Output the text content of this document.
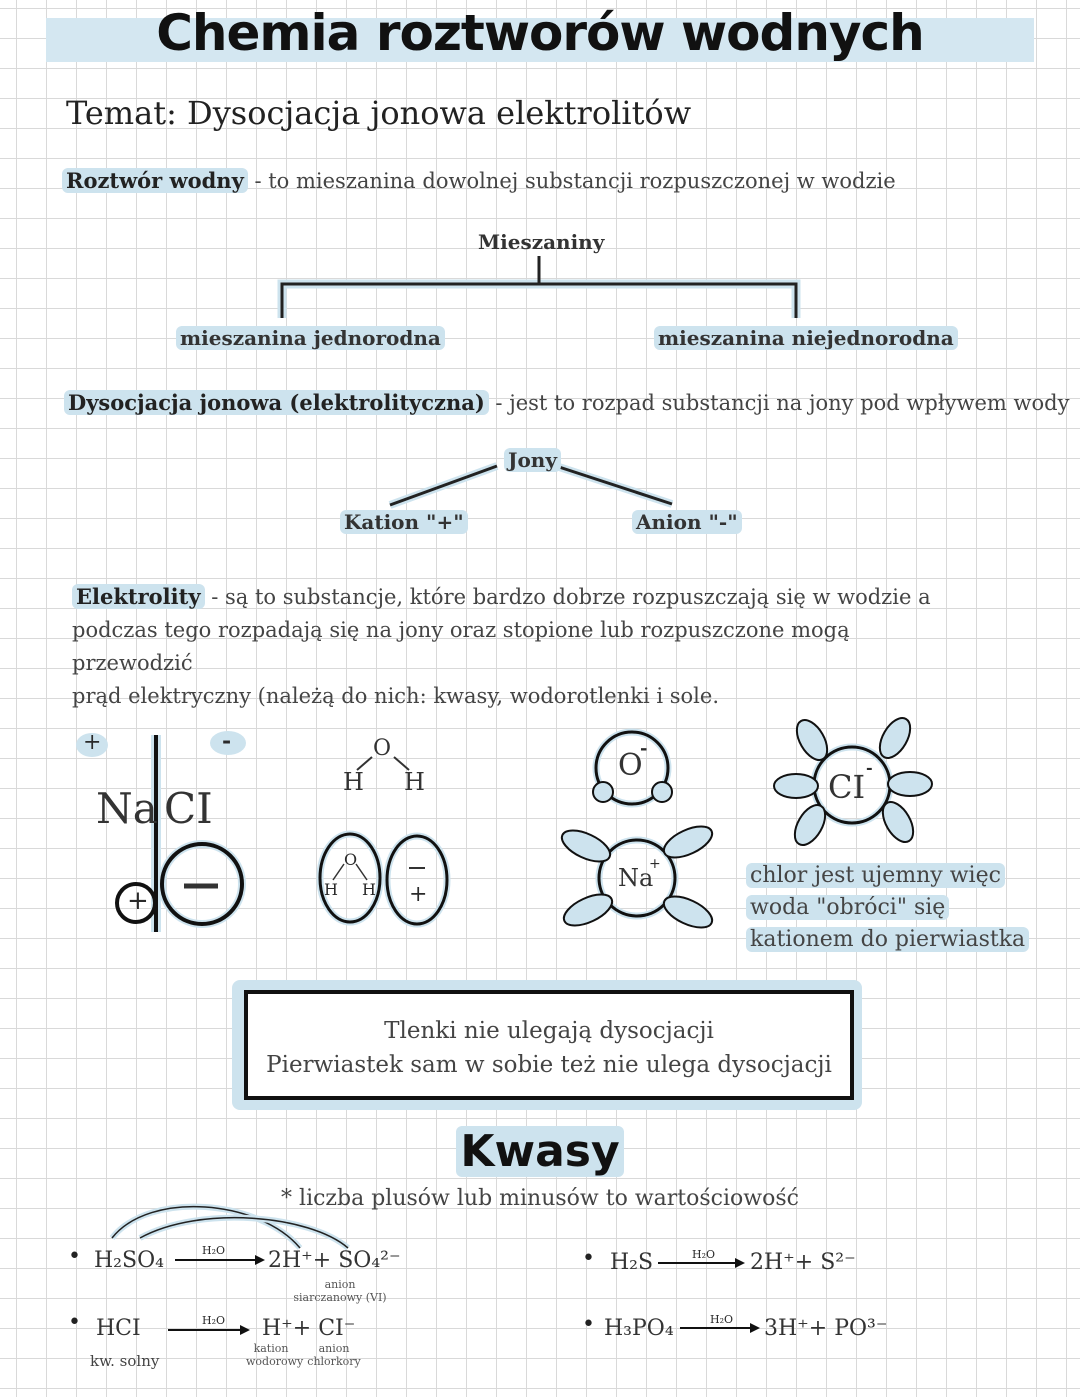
Chemia roztworów wodnych
Temat: Dysocjacja jonowa elektrolitów
Roztwór wodny - to mieszanina dowolnej substancji rozpuszczonej w wodzie
Mieszaniny
mieszanina jednorodna	mieszanina niejednorodna
Dysocjacja jonowa (elektrolityczna) - jest to rozpad substancji na jony pod wpływem wody
Jony
Kation "+"	Anion "-"
Elektrolity - są to substancje, które bardzo dobrze rozpuszczają się w wodzie a
podczas tego rozpadają się na jony oraz stopione lub rozpuszczone mogą przewodzić
prąd elektryczny (należą do nich: kwasy, wodorotlenki i sole.
+	-
Na CI
+
O
H H
O
H H +
O
-
Na
+
CI
-
chlor jest ujemny więc
woda "obróci" się
kationem do pierwiastka
Tlenki nie ulegają dysocjacji
Pierwiastek sam w sobie też nie ulega dysocjacji
Kwasy
* liczba plusów lub minusów to wartościowość
• H₂SO₄	H₂O 2H⁺+ SO₄²⁻
anion
siarczanowy (VI)
• H₂S	H₂O 2H⁺+ S²⁻
• HCI	H₂O H⁺+ CI⁻
kw. solny
kation
wodorowy
anion
chlorkory
• H₃PO₄	H₂O 3H⁺+ PO³⁻
